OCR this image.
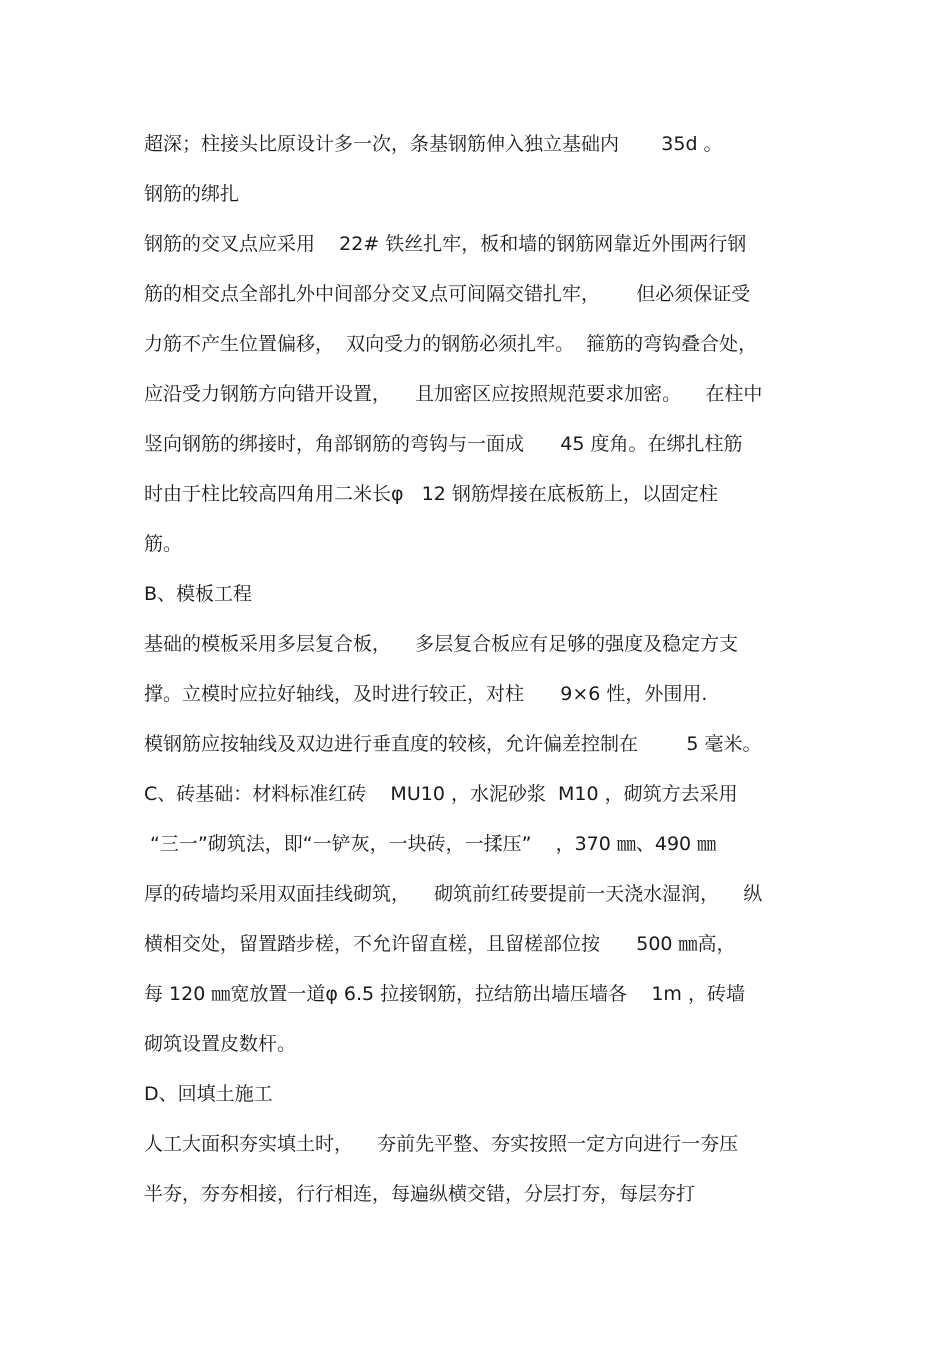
超深；柱接头比原设计多一次，条基钢筋伸入独立基础内       35d 。

钢筋的绑扎

钢筋的交叉点应采用    22# 铁丝扎牢，板和墙的钢筋网靠近外围两行钢

筋的相交点全部扎外中间部分交叉点可间隔交错扎牢，      但必须保证受

力筋不产生位置偏移，  双向受力的钢筋必须扎牢。  箍筋的弯钩叠合处，

应沿受力钢筋方向错开设置，    且加密区应按照规范要求加密。    在柱中

竖向钢筋的绑接时，角部钢筋的弯钩与一面成      45 度角。在绑扎柱筋

时由于柱比较高四角用二米长φ   12 钢筋焊接在底板筋上，以固定柱

筋。

B、模板工程

基础的模板采用多层复合板，    多层复合板应有足够的强度及稳定方支

撑。立模时应拉好轴线，及时进行较正，对柱      9×6 性，外围用.

模钢筋应按轴线及双边进行垂直度的较核，允许偏差控制在        5 毫米。

C、砖基础：材料标准红砖    MU10 ，水泥砂浆  M10 ，砌筑方去采用

“三一”砌筑法，即“一铲灰，一块砖，一揉压”    ，370 ㎜、490 ㎜

厚的砖墙均采用双面挂线砌筑，    砌筑前红砖要提前一天浇水湿润，    纵

横相交处，留置踏步槎，不允许留直槎，且留槎部位按      500 ㎜高，

每 120 ㎜宽放置一道φ 6.5 拉接钢筋，拉结筋出墙压墙各    1m ，砖墙

砌筑设置皮数杆。

D、回填土施工

人工大面积夯实填土时，    夯前先平整、夯实按照一定方向进行一夯压

半夯，夯夯相接，行行相连，每遍纵横交错，分层打夯，每层夯打
